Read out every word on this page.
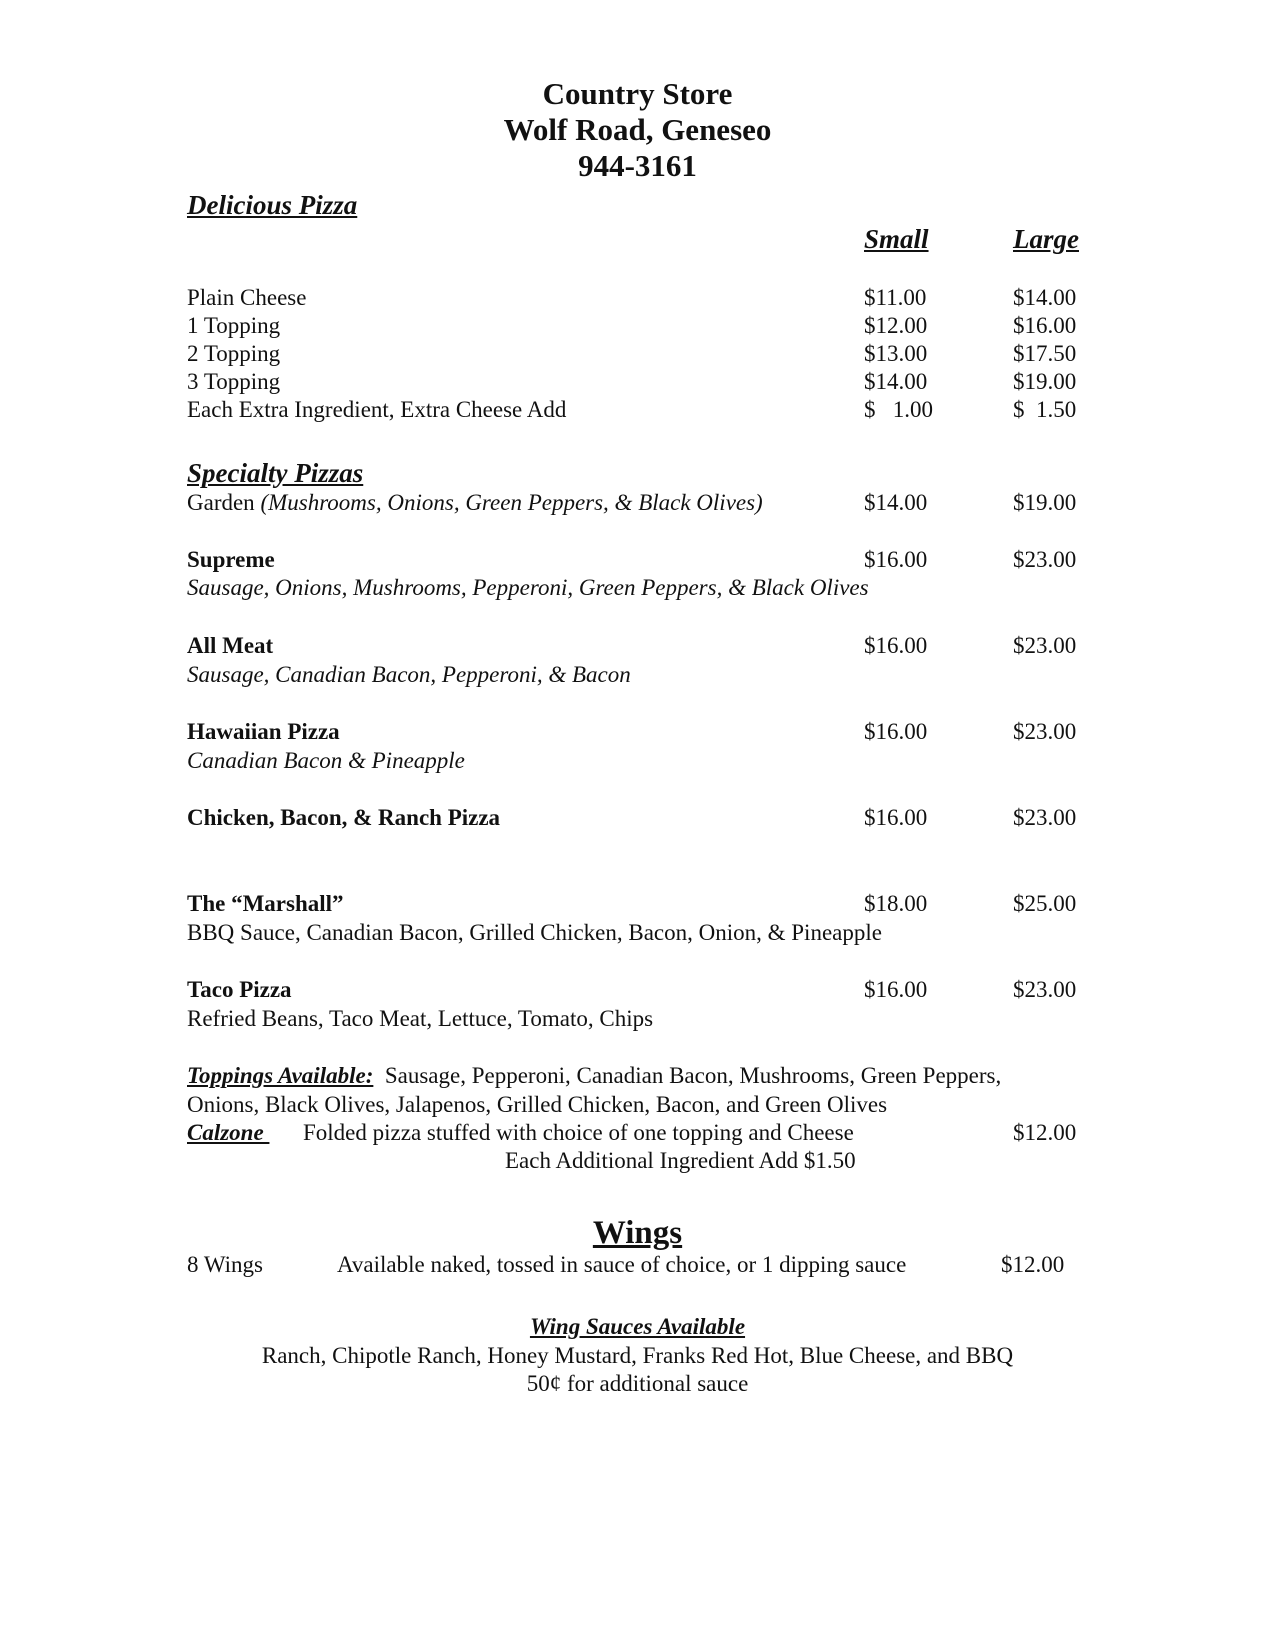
Country Store
Wolf Road, Geneseo
944-3161
Delicious Pizza
Small	Large
Plain Cheese	$11.00	$14.00
1 Topping	$12.00	$16.00
2 Topping	$13.00	$17.50
3 Topping	$14.00	$19.00
Each Extra Ingredient, Extra Cheese Add	$   1.00	$  1.50
Specialty Pizzas
Garden (Mushrooms, Onions, Green Peppers, & Black Olives)	$14.00	$19.00
Supreme	$16.00	$23.00
Sausage, Onions, Mushrooms, Pepperoni, Green Peppers, & Black Olives
All Meat	$16.00	$23.00
Sausage, Canadian Bacon, Pepperoni, & Bacon
Hawaiian Pizza	$16.00	$23.00
Canadian Bacon & Pineapple
Chicken, Bacon, & Ranch Pizza	$16.00	$23.00
The “Marshall”	$18.00	$25.00
BBQ Sauce, Canadian Bacon, Grilled Chicken, Bacon, Onion, & Pineapple
Taco Pizza	$16.00	$23.00
Refried Beans, Taco Meat, Lettuce, Tomato, Chips
Toppings Available:  Sausage, Pepperoni, Canadian Bacon, Mushrooms, Green Peppers,
Onions, Black Olives, Jalapenos, Grilled Chicken, Bacon, and Green Olives
Calzone Folded pizza stuffed with choice of one topping and Cheese	$12.00
Each Additional Ingredient Add $1.50
Wings
8 Wings	Available naked, tossed in sauce of choice, or 1 dipping sauce	$12.00
Wing Sauces Available
Ranch, Chipotle Ranch, Honey Mustard, Franks Red Hot, Blue Cheese, and BBQ
50¢ for additional sauce
